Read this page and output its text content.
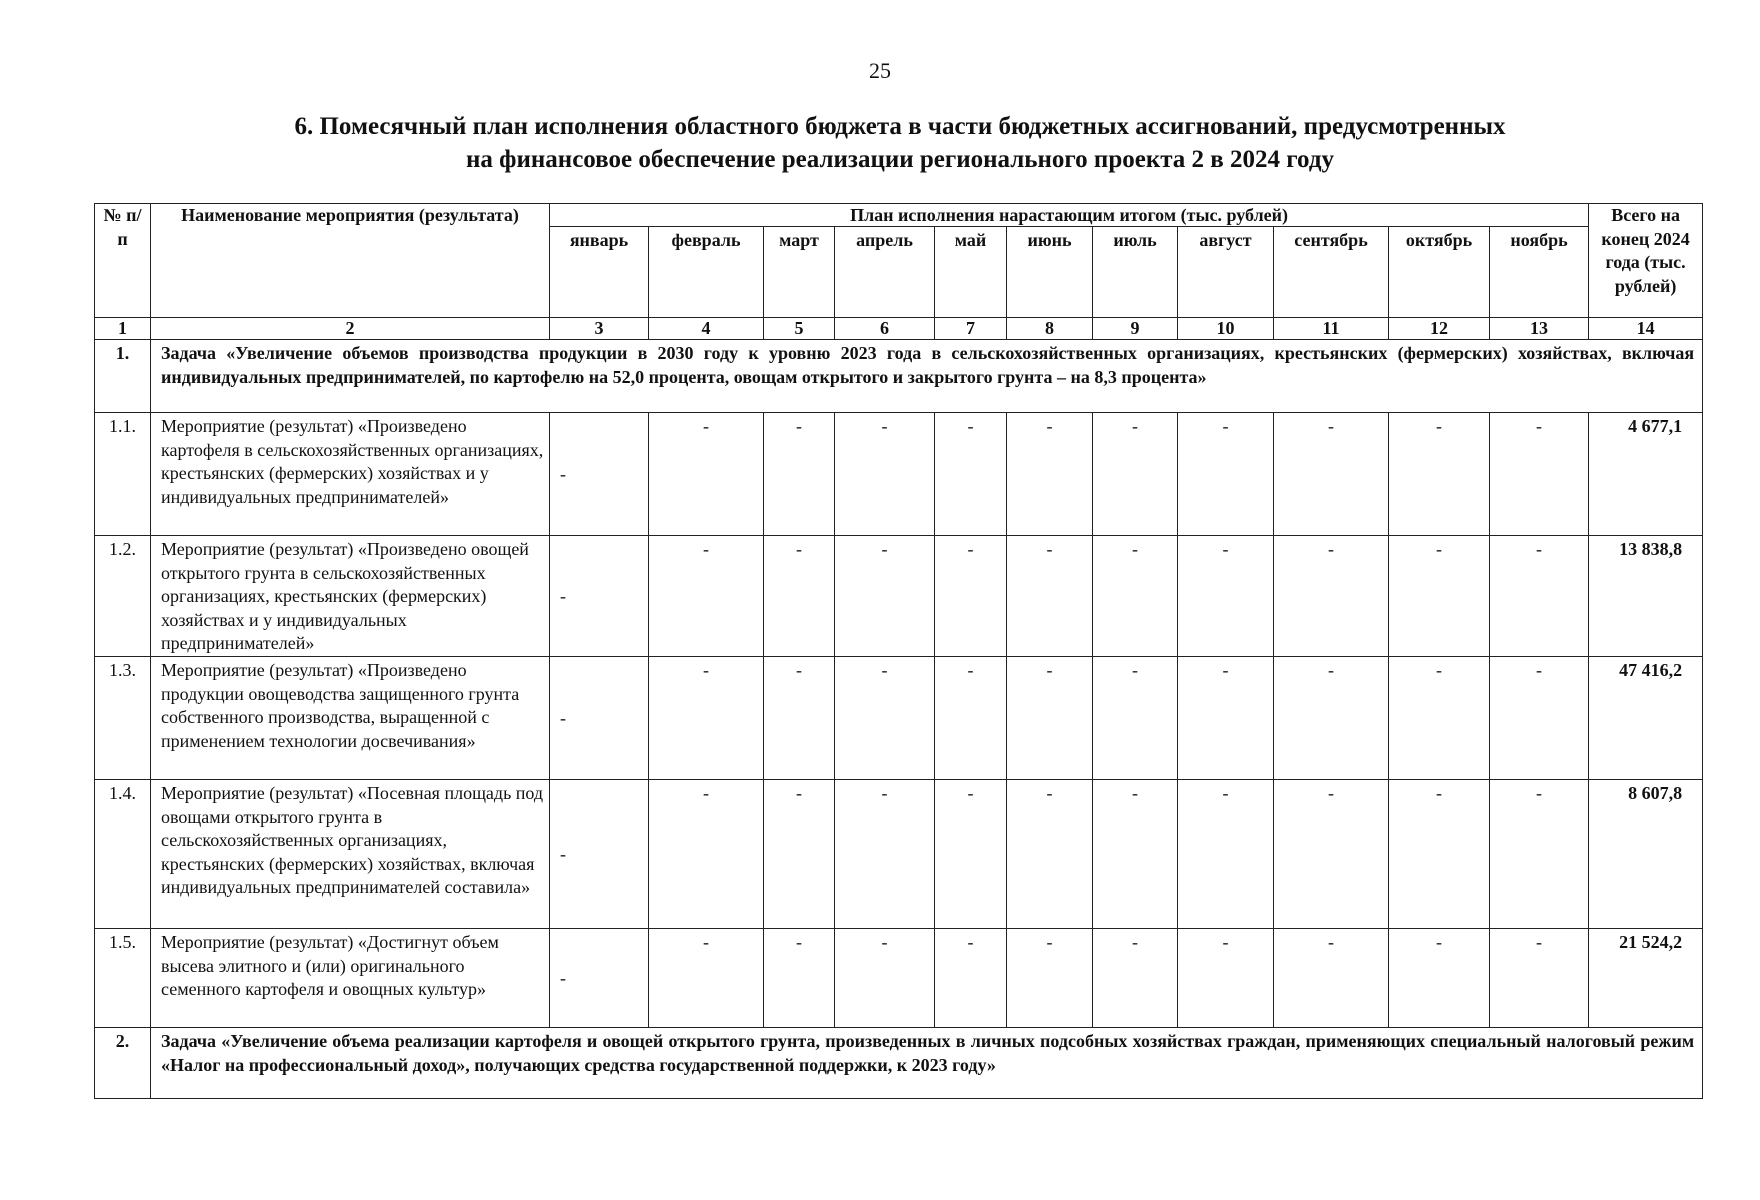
25
6. Помесячный план исполнения областного бюджета в части бюджетных ассигнований, предусмотренных
на финансовое обеспечение реализации регионального проекта 2 в 2024 году
№ п/п	Наименование мероприятия (результата)	План исполнения нарастающим итогом (тыс. рублей)											Всего на конец 2024 года (тыс. рублей)
		январь	февраль	март	апрель	май	июнь	июль	август	сентябрь	октябрь	ноябрь	
1	2	3	4	5	6	7	8	9	10	11	12	13	14
1.	Задача «Увеличение объемов производства продукции в 2030 году к уровню 2023 года в сельскохозяйственных организациях, крестьянских (фермерских) хозяйствах, включая индивидуальных предпринимателей, по картофелю на 52,0 процента, овощам открытого и закрытого грунта – на 8,3 процента»												
1.1.	Мероприятие (результат) «Произведено картофеля в сельскохозяйственных организациях, крестьянских (фермерских) хозяйствах и у индивидуальных предпринимателей»	-	-	-	-	-	-	-	-	-	-	-	4 677,1
1.2.	Мероприятие (результат) «Произведено овощей открытого грунта в сельскохозяйственных организациях, крестьянских (фермерских) хозяйствах и у индивидуальных предпринимателей»	-	-	-	-	-	-	-	-	-	-	-	13 838,8
1.3.	Мероприятие (результат) «Произведено продукции овощеводства защищенного грунта собственного производства, выращенной с применением технологии досвечивания»	-	-	-	-	-	-	-	-	-	-	-	47 416,2
1.4.	Мероприятие (результат) «Посевная площадь под овощами открытого грунта в сельскохозяйственных организациях, крестьянских (фермерских) хозяйствах, включая индивидуальных предпринимателей составила»	-	-	-	-	-	-	-	-	-	-	-	8 607,8
1.5.	Мероприятие (результат) «Достигнут объем высева элитного и (или) оригинального семенного картофеля и овощных культур»	-	-	-	-	-	-	-	-	-	-	-	21 524,2
2.	Задача «Увеличение объема реализации картофеля и овощей открытого грунта, произведенных в личных подсобных хозяйствах граждан, применяющих специальный налоговый режим «Налог на профессиональный доход», получающих средства государственной поддержки, к 2023 году»												
